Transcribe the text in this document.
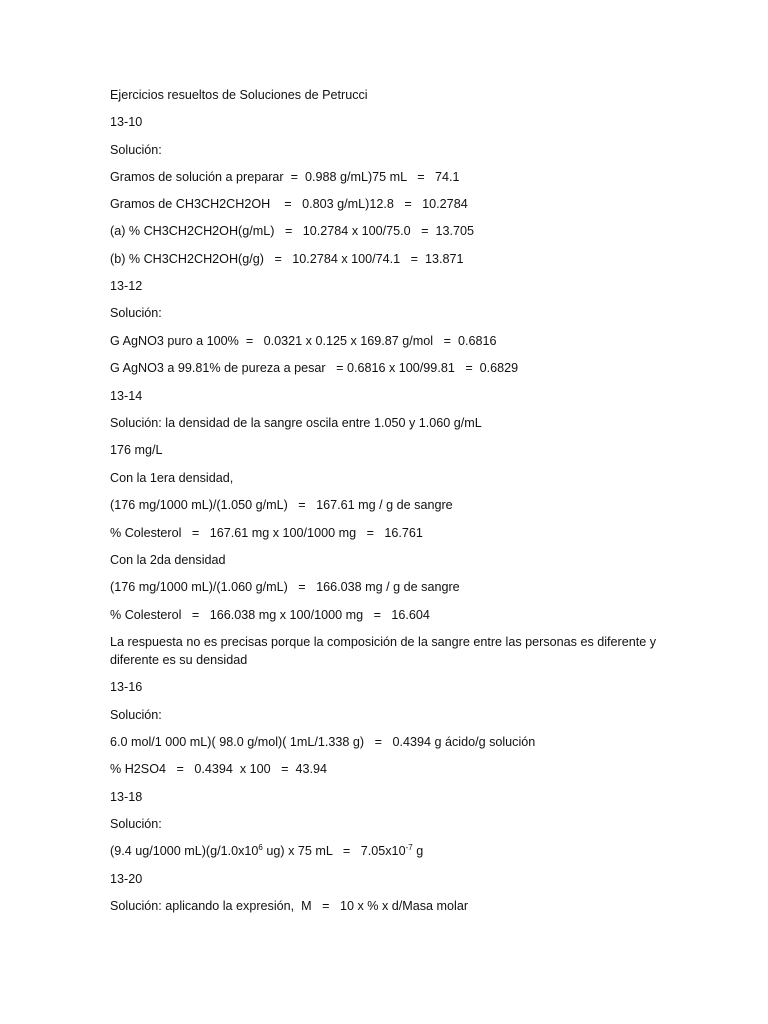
Ejercicios resueltos de Soluciones de Petrucci
13-10
Solución:
Gramos de solución a preparar  =  0.988 g/mL)75 mL   =   74.1
Gramos de CH3CH2CH2OH    =   0.803 g/mL)12.8   =   10.2784
(a) % CH3CH2CH2OH(g/mL)   =   10.2784 x 100/75.0   =  13.705
(b) % CH3CH2CH2OH(g/g)   =   10.2784 x 100/74.1   =  13.871
13-12
Solución:
G AgNO3 puro a 100%  =   0.0321 x 0.125 x 169.87 g/mol   =  0.6816
G AgNO3 a 99.81% de pureza a pesar   = 0.6816 x 100/99.81   =  0.6829
13-14
Solución: la densidad de la sangre oscila entre 1.050 y 1.060 g/mL
176 mg/L
Con la 1era densidad,
(176 mg/1000 mL)/(1.050 g/mL)   =   167.61 mg / g de sangre
% Colesterol   =   167.61 mg x 100/1000 mg   =   16.761
Con la 2da densidad
(176 mg/1000 mL)/(1.060 g/mL)   =   166.038 mg / g de sangre
% Colesterol   =   166.038 mg x 100/1000 mg   =   16.604
La respuesta no es precisas porque la composición de la sangre entre las personas es diferente y diferente es su densidad
13-16
Solución:
6.0 mol/1 000 mL)( 98.0 g/mol)( 1mL/1.338 g)   =   0.4394 g ácido/g solución
% H2SO4   =   0.4394  x 100   =  43.94
13-18
Solución:
(9.4 ug/1000 $mL)(g/1.0x10^6$ ug) x 75 mL   =   $7.05x10^{-7}$ g
13-20
Solución: aplicando la expresión,  M   =   10 x % x d/Masa molar
